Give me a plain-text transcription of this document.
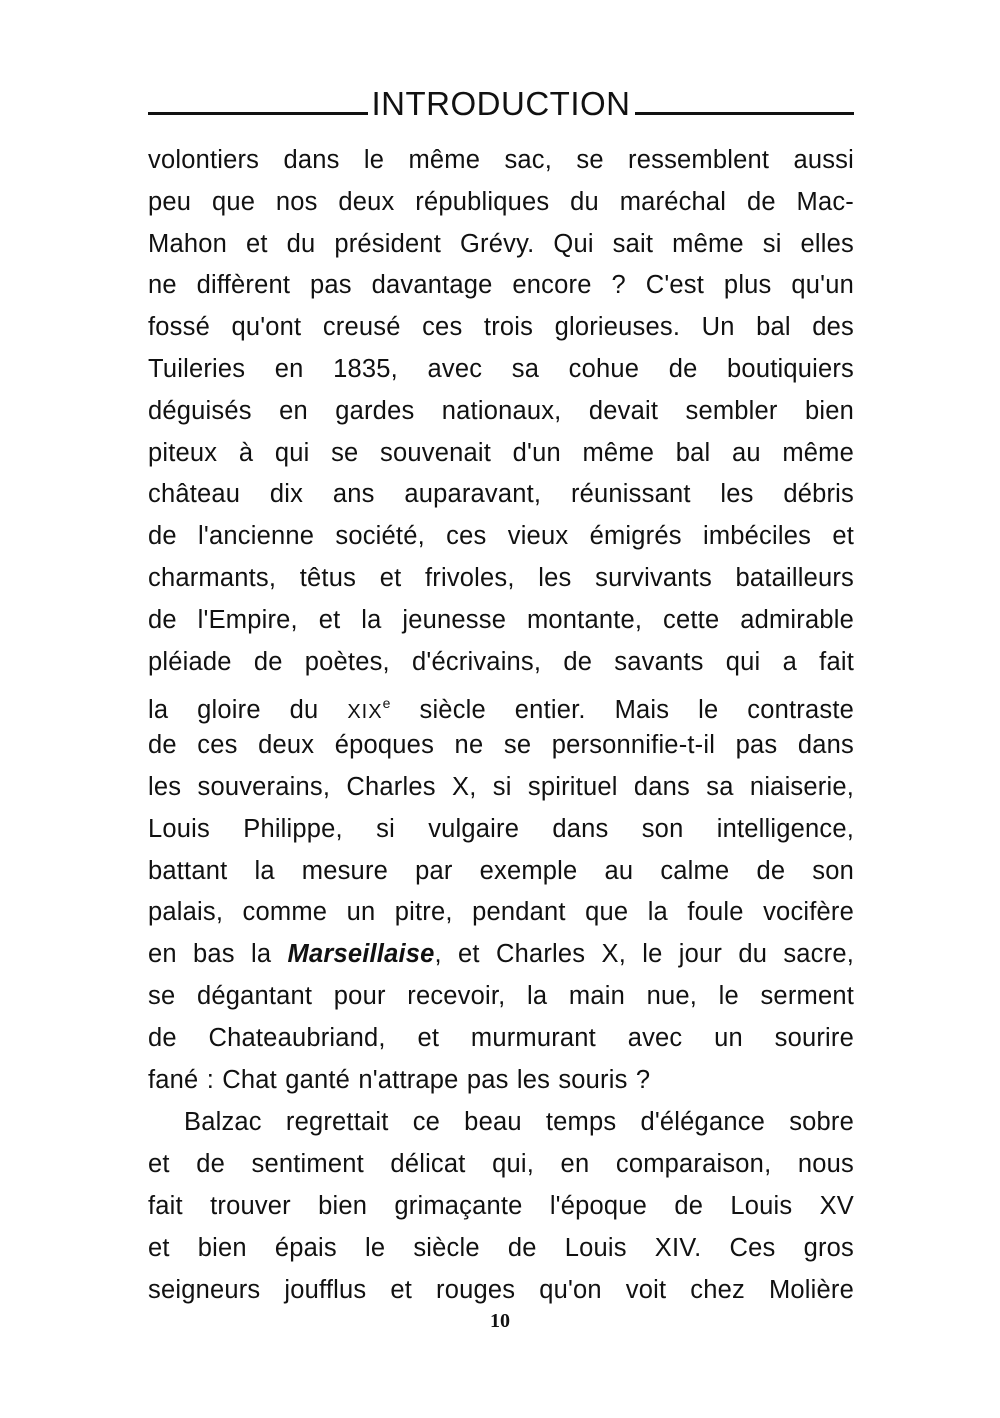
INTRODUCTION
volontiers dans le même sac, se ressemblent aussi
peu que nos deux républiques du maréchal de Mac-
Mahon et du président Grévy. Qui sait même si elles
ne diffèrent pas davantage encore ? C'est plus qu'un
fossé qu'ont creusé ces trois glorieuses. Un bal des
Tuileries en 1835, avec sa cohue de boutiquiers
déguisés en gardes nationaux, devait sembler bien
piteux à qui se souvenait d'un même bal au même
château dix ans auparavant, réunissant les débris
de l'ancienne société, ces vieux émigrés imbéciles et
charmants, têtus et frivoles, les survivants batailleurs
de l'Empire, et la jeunesse montante, cette admirable
pléiade de poètes, d'écrivains, de savants qui a fait
la gloire du XIXe siècle entier. Mais le contraste
de ces deux époques ne se personnifie-t-il pas dans
les souverains, Charles X, si spirituel dans sa niaiserie,
Louis Philippe, si vulgaire dans son intelligence,
battant la mesure par exemple au calme de son
palais, comme un pitre, pendant que la foule vocifère
en bas la Marseillaise, et Charles X, le jour du sacre,
se dégantant pour recevoir, la main nue, le serment
de Chateaubriand, et murmurant avec un sourire
fané : Chat ganté n'attrape pas les souris ?
Balzac regrettait ce beau temps d'élégance sobre
et de sentiment délicat qui, en comparaison, nous
fait trouver bien grimaçante l'époque de Louis XV
et bien épais le siècle de Louis XIV. Ces gros
seigneurs joufflus et rouges qu'on voit chez Molière
10
